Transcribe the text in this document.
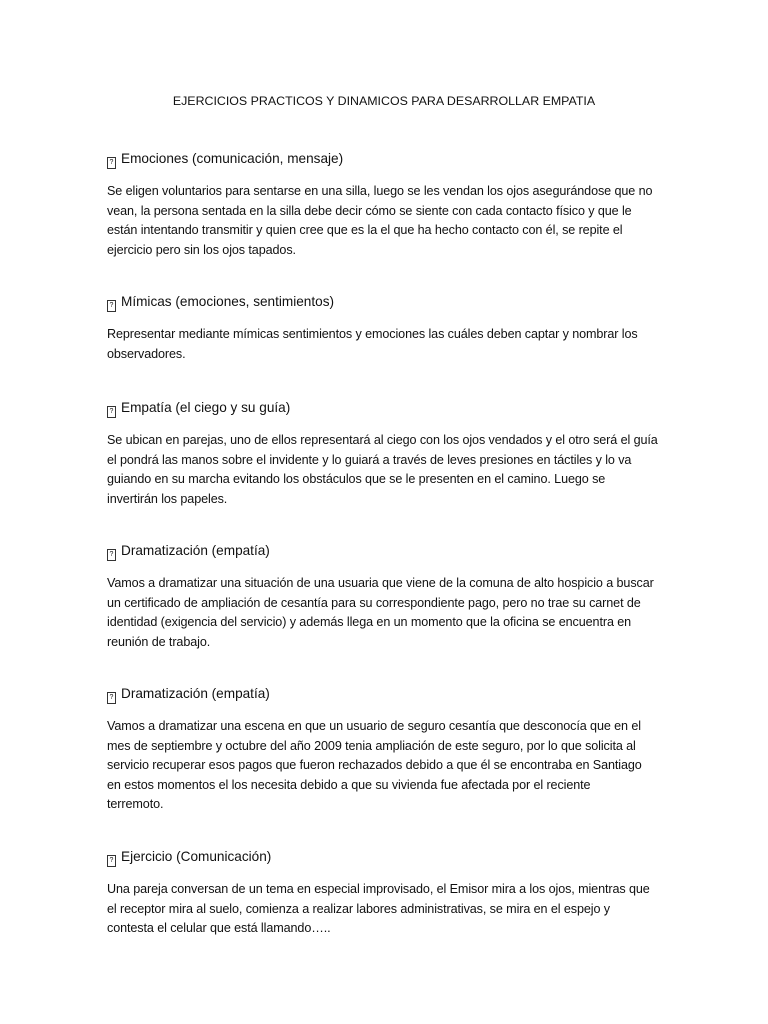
EJERCICIOS PRACTICOS Y DINAMICOS PARA DESARROLLAR EMPATIA

? Emociones (comunicación, mensaje)

Se eligen voluntarios para sentarse en una silla, luego se les vendan los ojos asegurándose que no
vean, la persona sentada en la silla debe decir cómo se siente con cada contacto físico y que le
están intentando transmitir y quien cree que es la el que ha hecho contacto con él, se repite el
ejercicio pero sin los ojos tapados.

? Mímicas (emociones, sentimientos)

Representar mediante mímicas sentimientos y emociones las cuáles deben captar y nombrar los
observadores.

? Empatía (el ciego y su guía)

Se ubican en parejas, uno de ellos representará al ciego con los ojos vendados y el otro será el guía
el pondrá las manos sobre el invidente y lo guiará a través de leves presiones en táctiles y lo va
guiando en su marcha evitando los obstáculos que se le presenten en el camino. Luego se
invertirán los papeles.

? Dramatización (empatía)

Vamos a dramatizar una situación de una usuaria que viene de la comuna de alto hospicio a buscar
un certificado de ampliación de cesantía para su correspondiente pago, pero no trae su carnet de
identidad (exigencia del servicio) y además llega en un momento que la oficina se encuentra en
reunión de trabajo.

? Dramatización (empatía)

Vamos a dramatizar una escena en que un usuario de seguro cesantía que desconocía que en el
mes de septiembre y octubre del año 2009 tenia ampliación de este seguro, por lo que solicita al
servicio recuperar esos pagos que fueron rechazados debido a que él se encontraba en Santiago
en estos momentos el los necesita debido a que su vivienda fue afectada por el reciente
terremoto.

? Ejercicio (Comunicación)

Una pareja conversan de un tema en especial improvisado, el Emisor mira a los ojos, mientras que
el receptor mira al suelo, comienza a realizar labores administrativas, se mira en el espejo y
contesta el celular que está llamando…..
